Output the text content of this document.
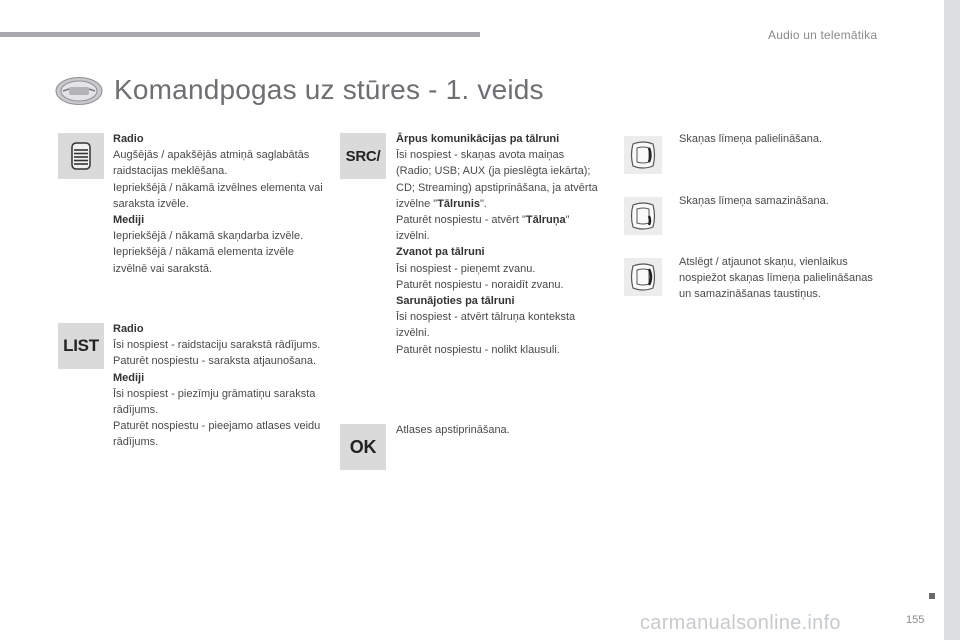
Audio un telemātika
Komandpogas uz stūres - 1. veids
Radio
Augšējās / apakšējās atmiņā saglabātās raidstacijas meklēšana.
Iepriekšējā / nākamā izvēlnes elementa vai saraksta izvēle.
Mediji
Iepriekšējā / nākamā skaņdarba izvēle.
Iepriekšējā / nākamā elementa izvēle izvēlnē vai sarakstā.
LIST
Radio
Īsi nospiest - raidstaciju sarakstā rādījums.
Paturēt nospiestu - saraksta atjaunošana.
Mediji
Īsi nospiest - piezīmju grāmatiņu saraksta rādījums.
Paturēt nospiestu - pieejamo atlases veidu rādījums.
SRC/
Ārpus komunikācijas pa tālruni
Īsi nospiest - skaņas avota maiņas (Radio; USB; AUX (ja pieslēgta iekārta); CD; Streaming) apstiprināšana, ja atvērta izvēlne "Tālrunis".
Paturēt nospiestu - atvērt "Tālruņa" izvēlni.
Zvanot pa tālruni
Īsi nospiest - pieņemt zvanu.
Paturēt nospiestu - noraidīt zvanu.
Sarunājoties pa tālruni
Īsi nospiest - atvērt tālruņa konteksta izvēlni.
Paturēt nospiestu - nolikt klausuli.
OK
Atlases apstiprināšana.
Skaņas līmeņa palielināšana.
Skaņas līmeņa samazināšana.
Atslēgt / atjaunot skaņu, vienlaikus nospiežot skaņas līmeņa palielināšanas un samazināšanas taustiņus.
carmanualsonline.info	155
